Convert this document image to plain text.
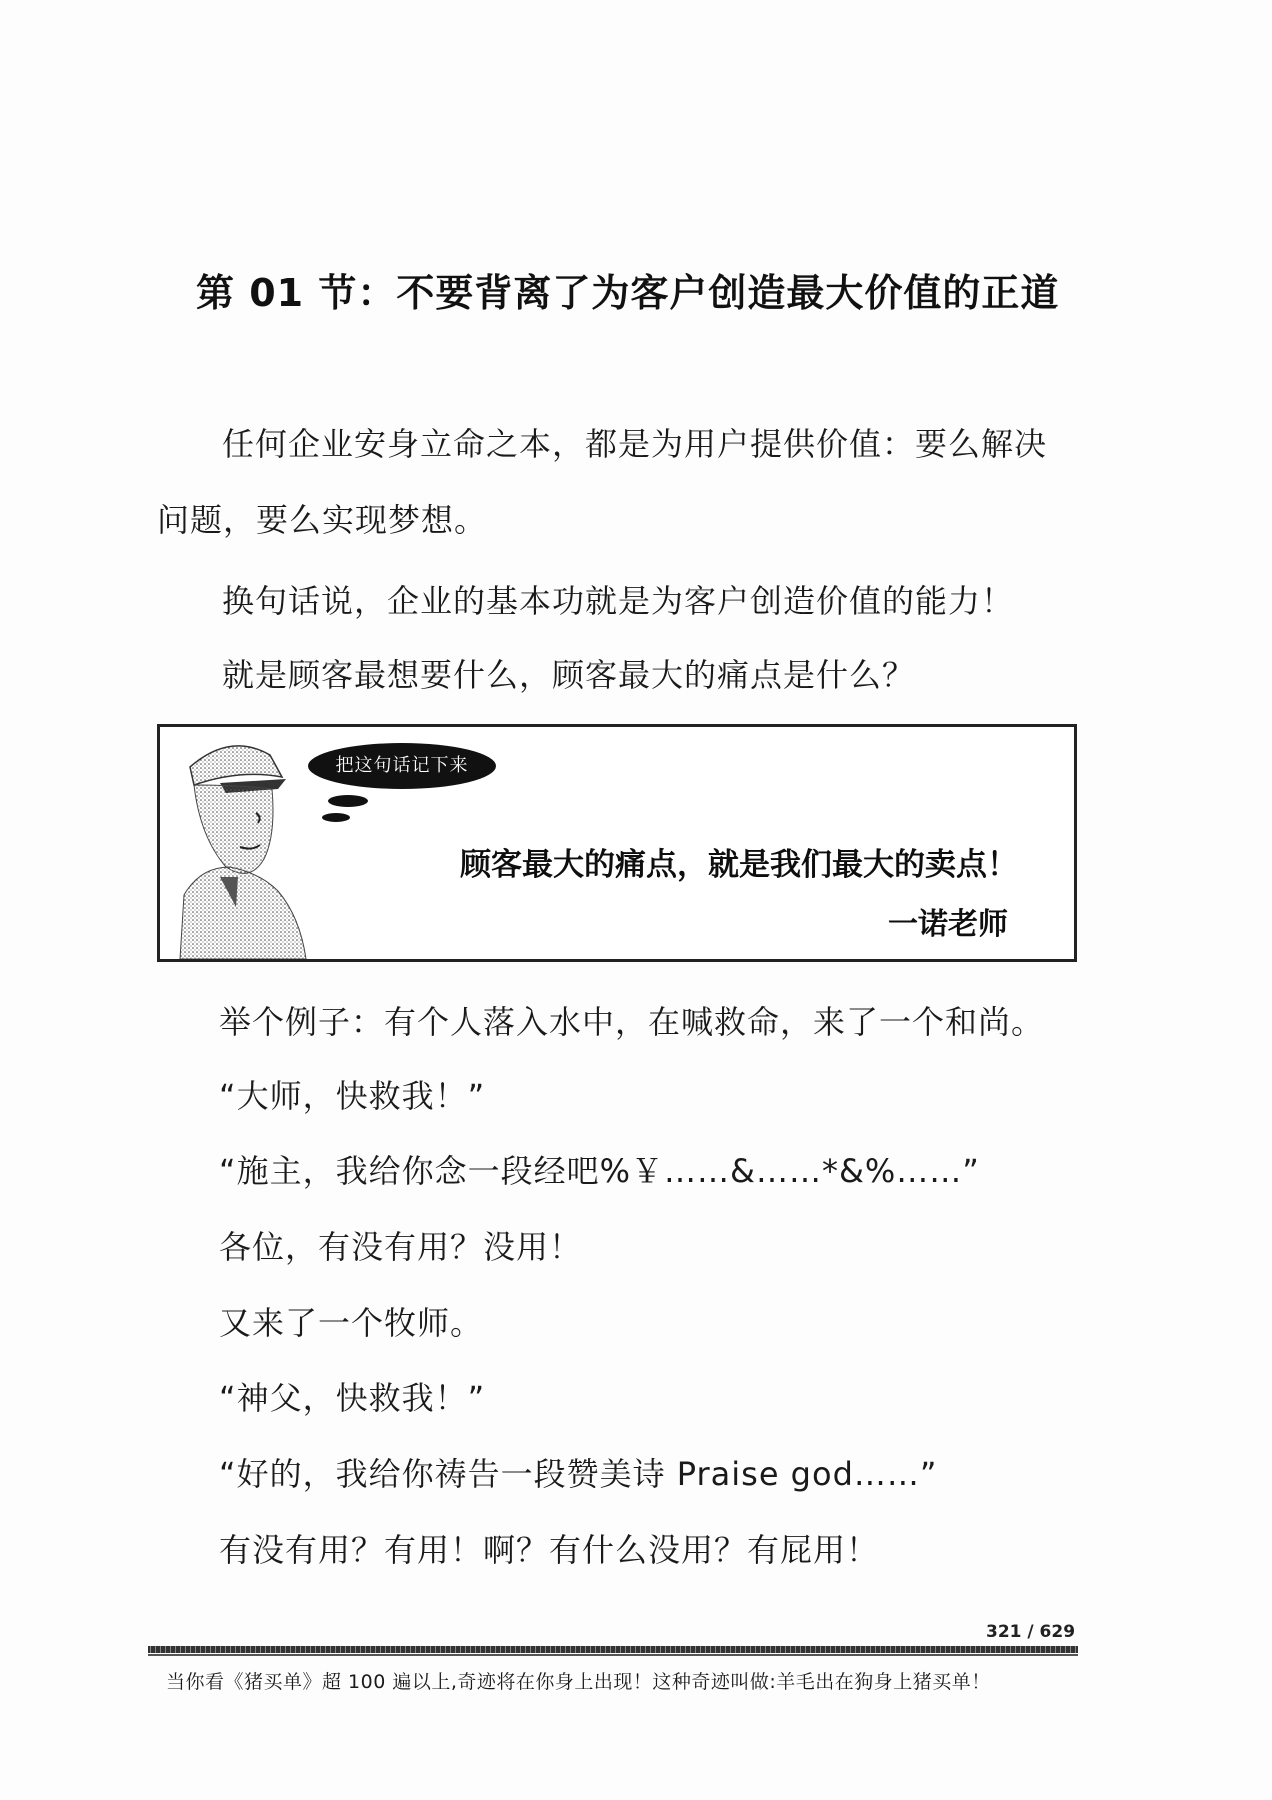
第 01 节：不要背离了为客户创造最大价值的正道
任何企业安身立命之本，都是为用户提供价值：要么解决
问题，要么实现梦想。
换句话说，企业的基本功就是为客户创造价值的能力！
就是顾客最想要什么，顾客最大的痛点是什么？
把这句话记下来
顾客最大的痛点，就是我们最大的卖点！
一诺老师
举个例子：有个人落入水中，在喊救命，来了一个和尚。
“大师，快救我！”
“施主，我给你念一段经吧%￥……&……*&%……”
各位，有没有用？没用！
又来了一个牧师。
“神父，快救我！”
“好的，我给你祷告一段赞美诗 Praise god……”
有没有用？有用！啊？有什么没用？有屁用！
321 / 629
当你看《猪买单》超 100 遍以上,奇迹将在你身上出现！这种奇迹叫做:羊毛出在狗身上猪买单！
